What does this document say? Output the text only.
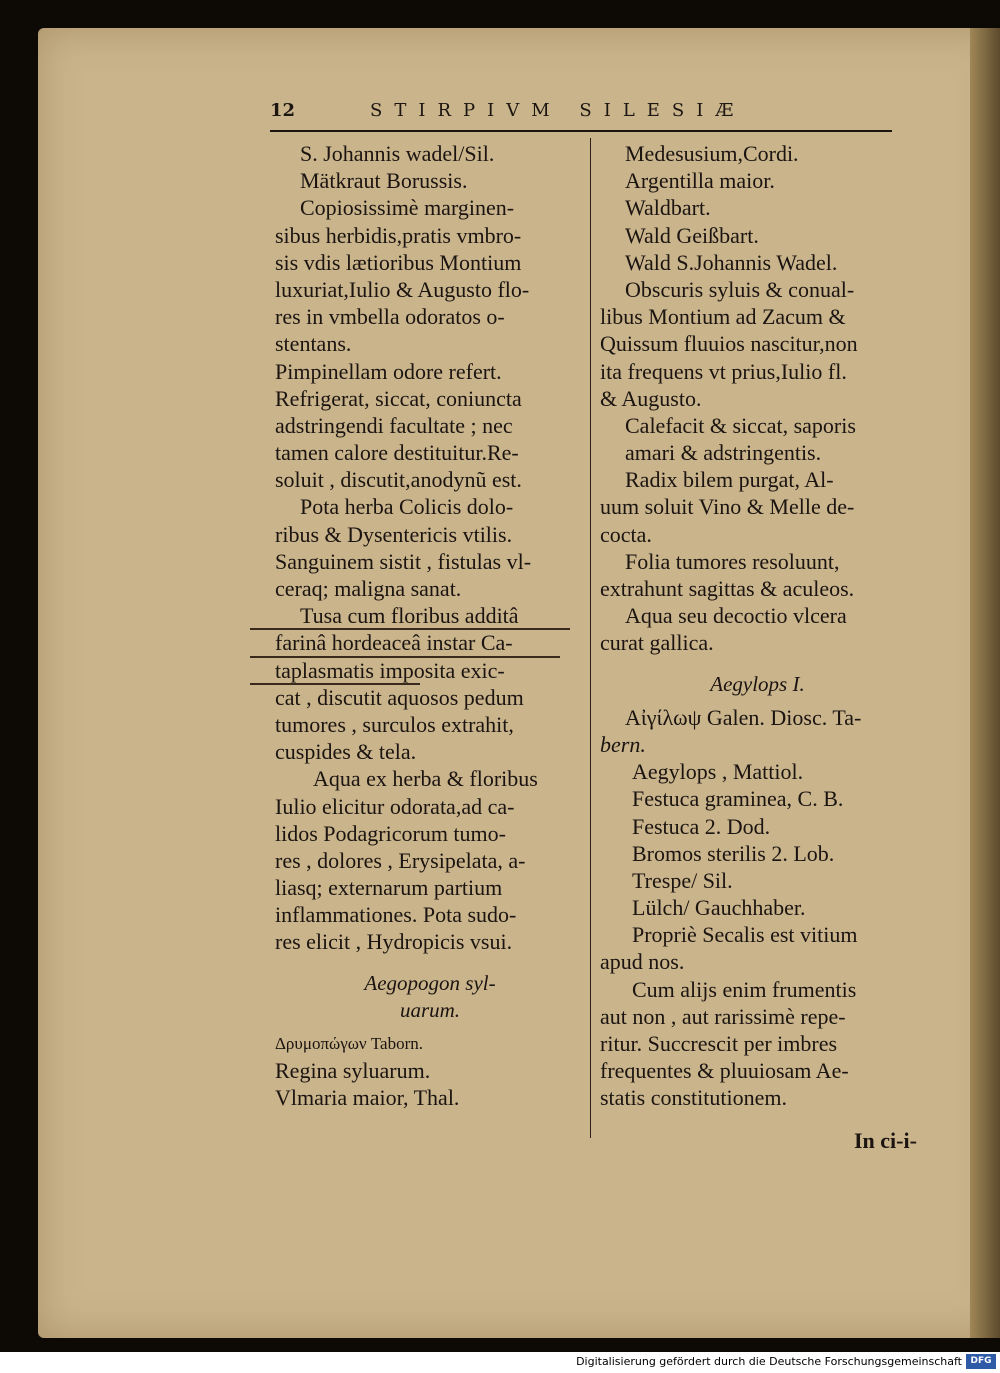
12	STIRPIVM SILESIÆ
S. Johannis wadel/Sil.
Mätkraut Borussis.
Copiosissimè marginen-
sibus herbidis,pratis vmbro-
sis vdis lætioribus Montium
luxuriat,Iulio & Augusto flo-
res in vmbella odoratos o-
stentans.
Pimpinellam odore refert.
Refrigerat, siccat, coniuncta
adstringendi facultate ; nec
tamen calore destituitur.Re-
soluit , discutit,anodynũ est.
Pota herba Colicis dolo-
ribus & Dysentericis vtilis.
Sanguinem sistit , fistulas vl-
ceraq; maligna sanat.
Tusa cum floribus additâ
farinâ hordeaceâ instar Ca-
taplasmatis imposita exic-
cat , discutit aquosos pedum
tumores , surculos extrahit,
cuspides & tela.
Aqua ex herba & floribus
Iulio elicitur odorata,ad ca-
lidos Podagricorum tumo-
res , dolores , Erysipelata, a-
liasq; externarum partium
inflammationes. Pota sudo-
res elicit , Hydropicis vsui.
Aegopogon syl-
uarum.
Δρυμοπώγων Taborn.
Regina syluarum.
Vlmaria maior, Thal.
Medesusium,Cordi.
Argentilla maior.
Waldbart.
Wald Geißbart.
Wald S.Johannis Wadel.
Obscuris syluis & conual-
libus Montium ad Zacum &
Quissum fluuios nascitur,non
ita frequens vt prius,Iulio fl.
& Augusto.
Calefacit & siccat, saporis
amari & adstringentis.
Radix bilem purgat, Al-
uum soluit Vino & Melle de-
cocta.
Folia tumores resoluunt,
extrahunt sagittas & aculeos.
Aqua seu decoctio vlcera
curat gallica.
Aegylops I.
Αἰγίλωψ Galen. Diosc. Ta-
bern.
Aegylops , Mattiol.
Festuca graminea, C. B.
Festuca 2. Dod.
Bromos sterilis 2. Lob.
Trespe/ Sil.
Lülch/ Gauchhaber.
Propriè Secalis est vitium
apud nos.
Cum alijs enim frumentis
aut non , aut rarissimè repe-
ritur. Succrescit per imbres
frequentes & pluuiosam Ae-
statis constitutionem.
In ci-i-
Digitalisierung gefördert durch die Deutsche Forschungsgemeinschaft DFG
